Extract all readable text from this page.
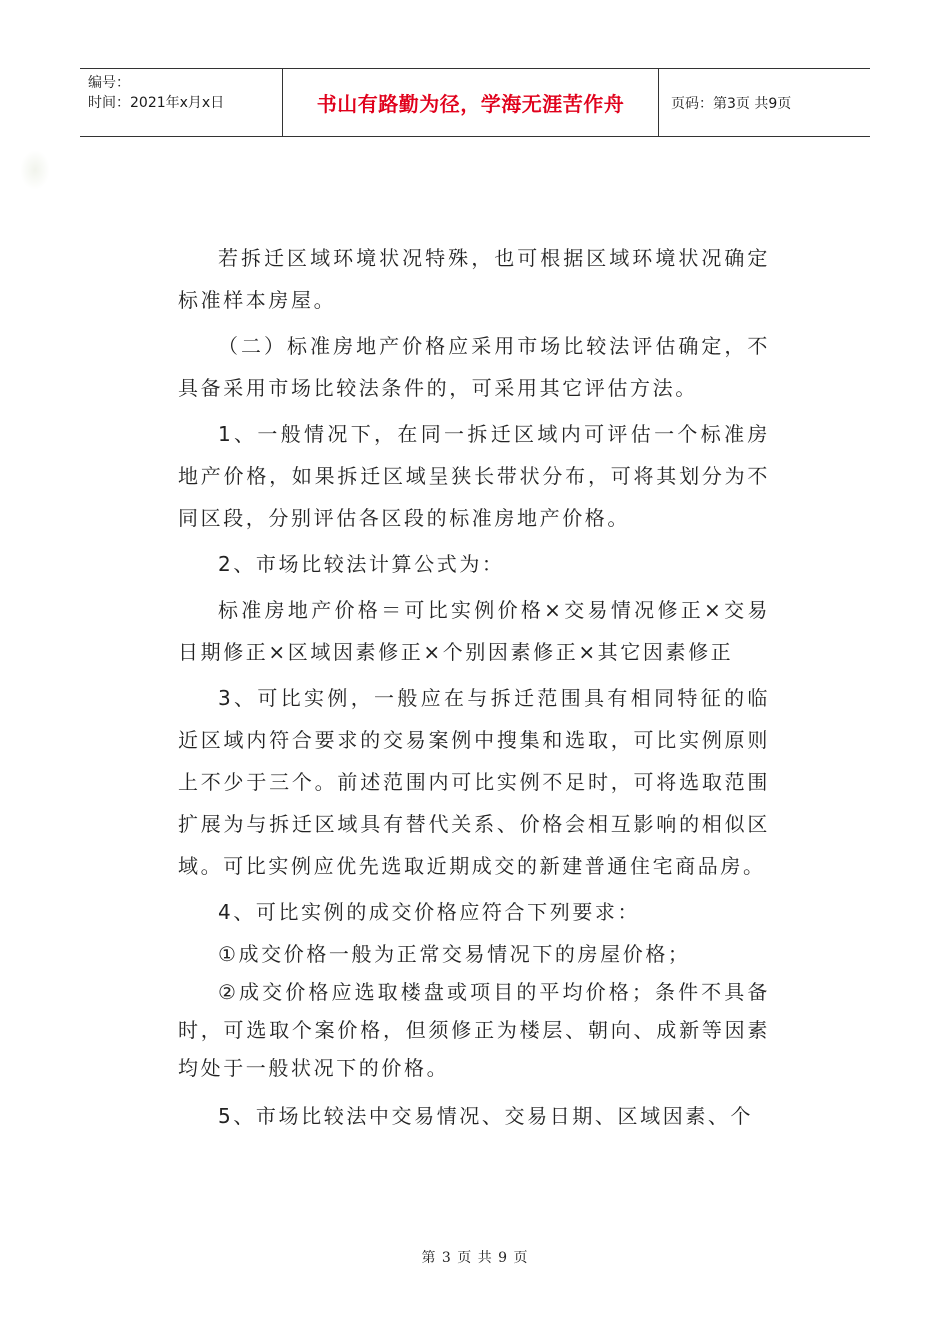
编号：
时间：2021年x月x日	书山有路勤为径，学海无涯苦作舟	页码：第3页 共9页

若拆迁区域环境状况特殊，也可根据区域环境状况确定标准样本房屋。

（二）标准房地产价格应采用市场比较法评估确定，不具备采用市场比较法条件的，可采用其它评估方法。

1、一般情况下，在同一拆迁区域内可评估一个标准房地产价格，如果拆迁区域呈狭长带状分布，可将其划分为不同区段，分别评估各区段的标准房地产价格。

2、市场比较法计算公式为：

标准房地产价格＝可比实例价格×交易情况修正×交易日期修正×区域因素修正×个别因素修正×其它因素修正

3、可比实例，一般应在与拆迁范围具有相同特征的临近区域内符合要求的交易案例中搜集和选取，可比实例原则上不少于三个。前述范围内可比实例不足时，可将选取范围扩展为与拆迁区域具有替代关系、价格会相互影响的相似区域。可比实例应优先选取近期成交的新建普通住宅商品房。

4、可比实例的成交价格应符合下列要求：

①成交价格一般为正常交易情况下的房屋价格；

②成交价格应选取楼盘或项目的平均价格；条件不具备时，可选取个案价格，但须修正为楼层、朝向、成新等因素均处于一般状况下的价格。

5、市场比较法中交易情况、交易日期、区域因素、个

第 3 页 共 9 页
